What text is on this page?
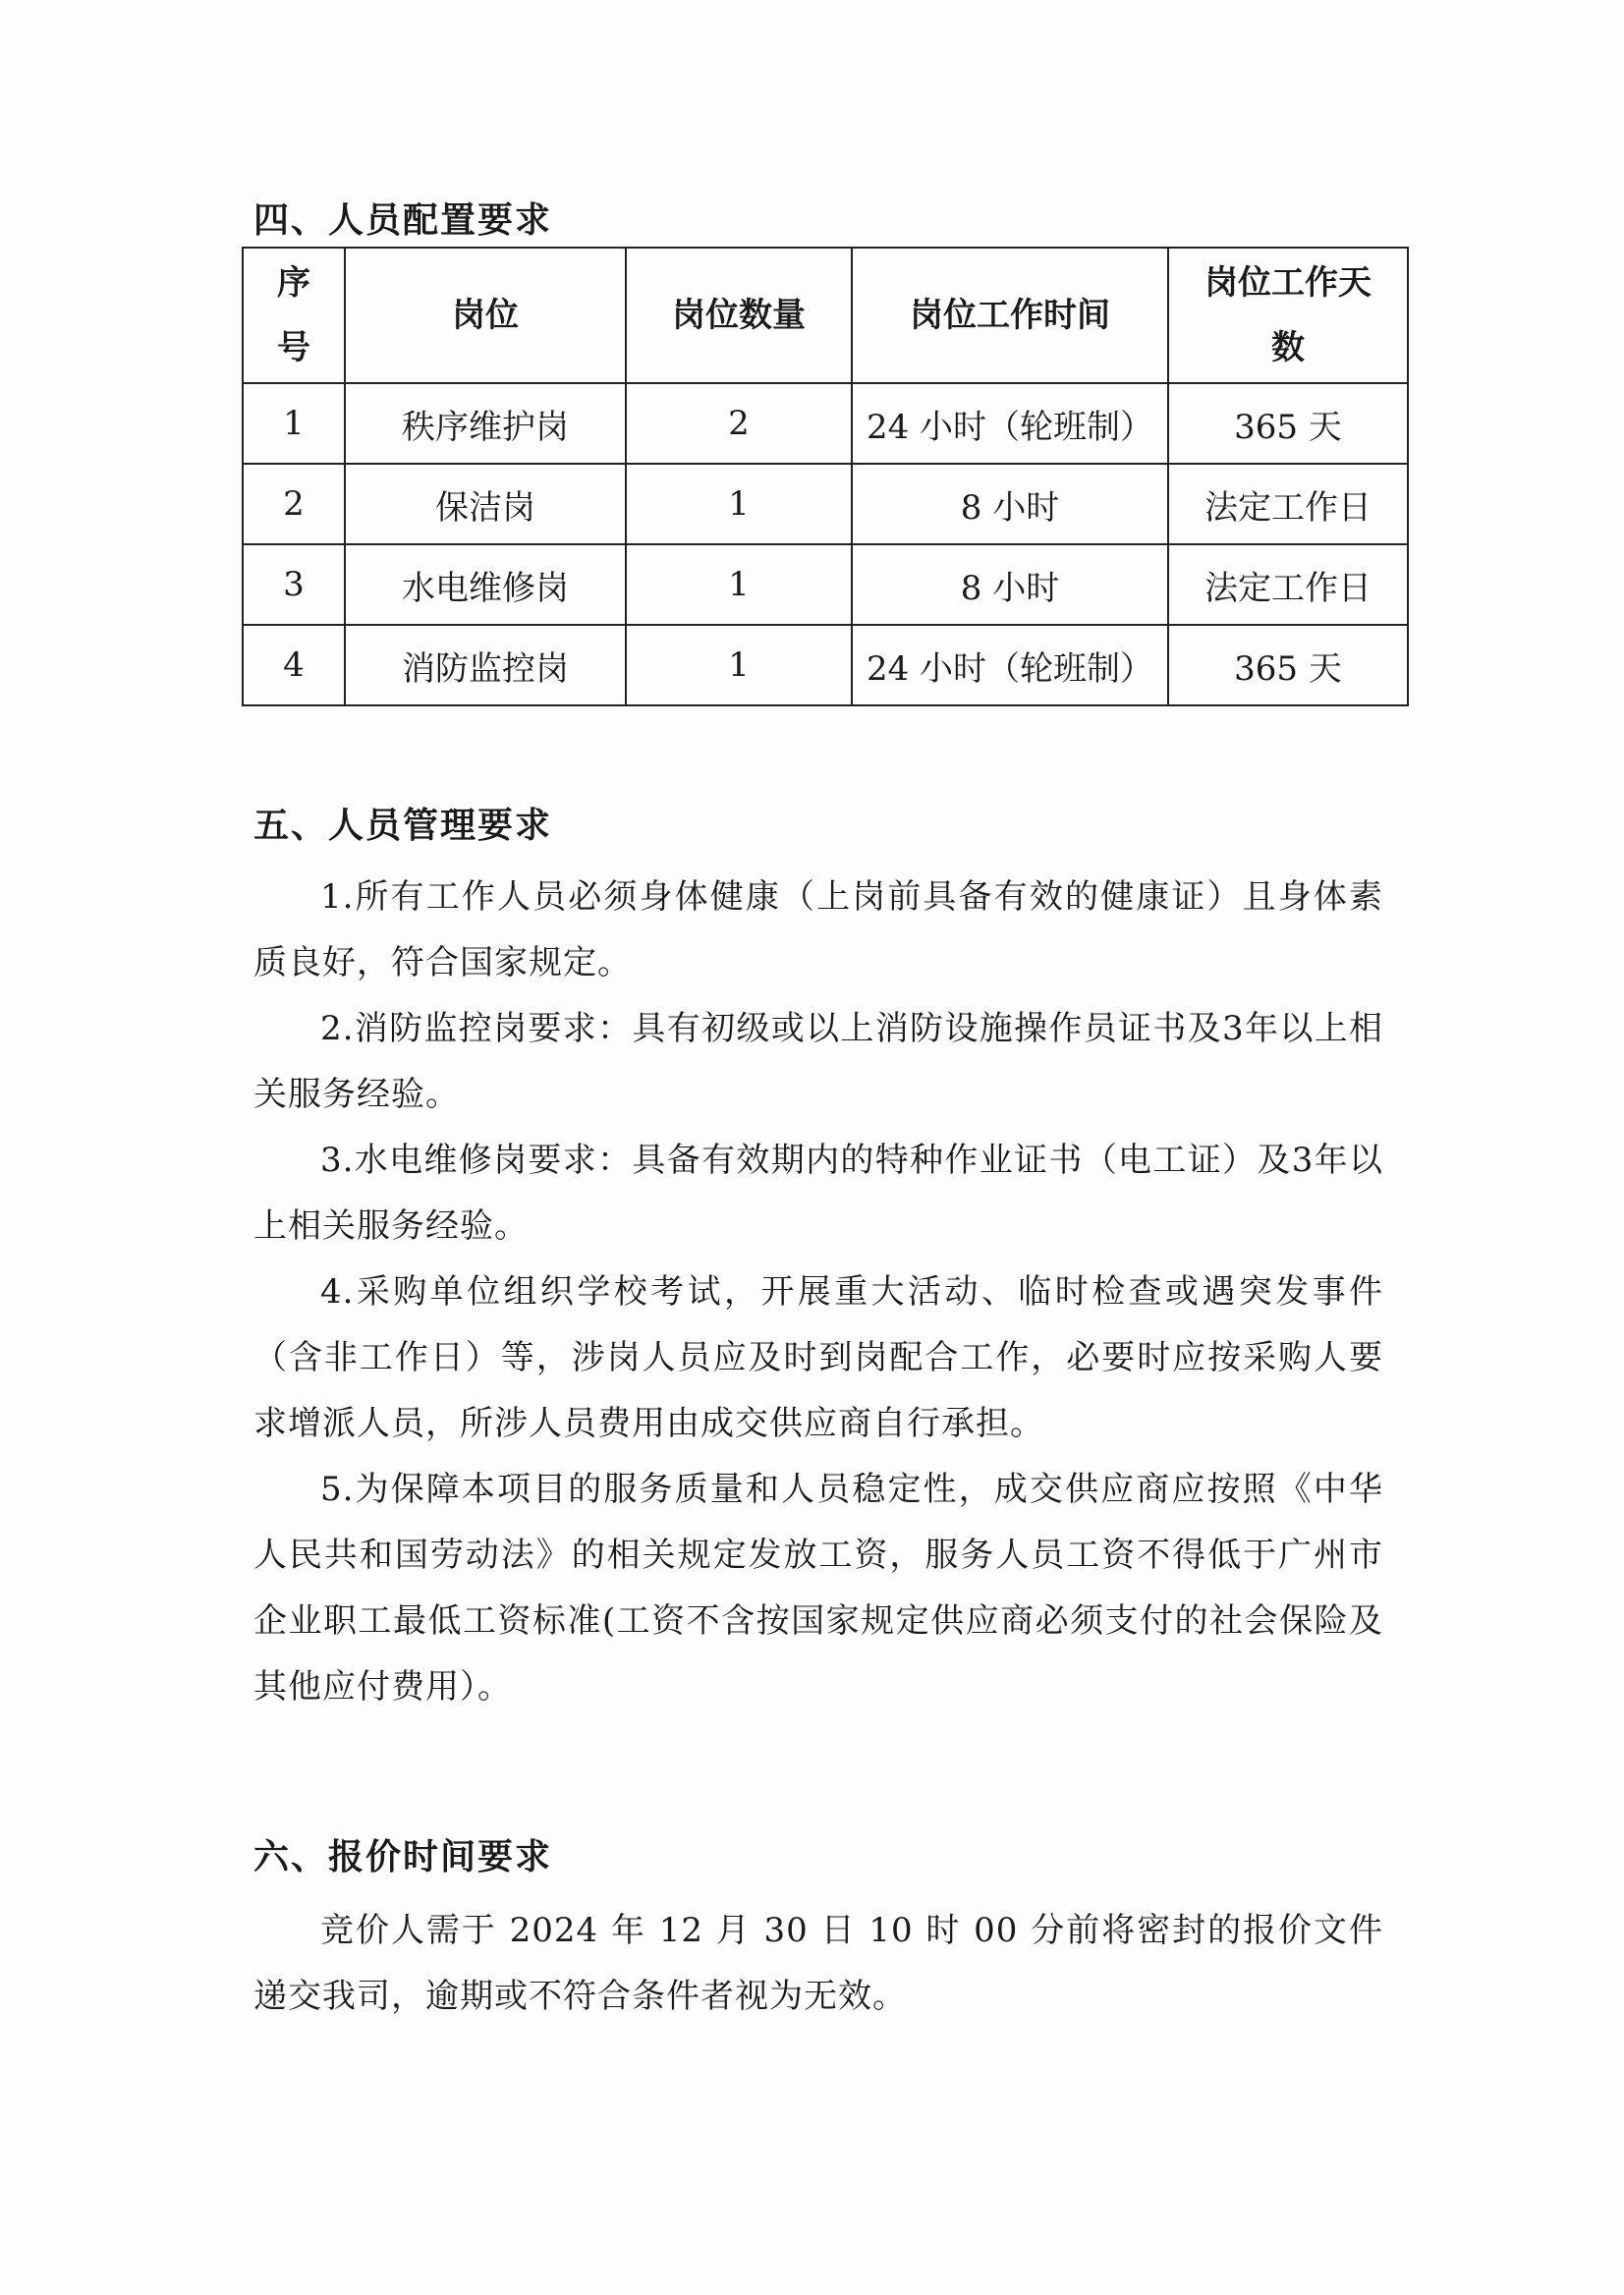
四、人员配置要求
序号	岗位	岗位数量	岗位工作时间	岗位工作天数
1	秩序维护岗	2	24 小时（轮班制）	365 天
2	保洁岗	1	8 小时	法定工作日
3	水电维修岗	1	8 小时	法定工作日
4	消防监控岗	1	24 小时（轮班制）	365 天
五、人员管理要求

1.所有工作人员必须身体健康（上岗前具备有效的健康证）且身体素质良好，符合国家规定。

2.消防监控岗要求：具有初级或以上消防设施操作员证书及3年以上相关服务经验。

3.水电维修岗要求：具备有效期内的特种作业证书（电工证）及3年以上相关服务经验。

4.采购单位组织学校考试，开展重大活动、临时检查或遇突发事件（含非工作日）等，涉岗人员应及时到岗配合工作，必要时应按采购人要求增派人员，所涉人员费用由成交供应商自行承担。

5.为保障本项目的服务质量和人员稳定性，成交供应商应按照《中华人民共和国劳动法》的相关规定发放工资，服务人员工资不得低于广州市企业职工最低工资标准(工资不含按国家规定供应商必须支付的社会保险及其他应付费用）。

六、报价时间要求

竞价人需于 2024 年 12 月 30 日 10 时 00 分前将密封的报价文件递交我司，逾期或不符合条件者视为无效。
